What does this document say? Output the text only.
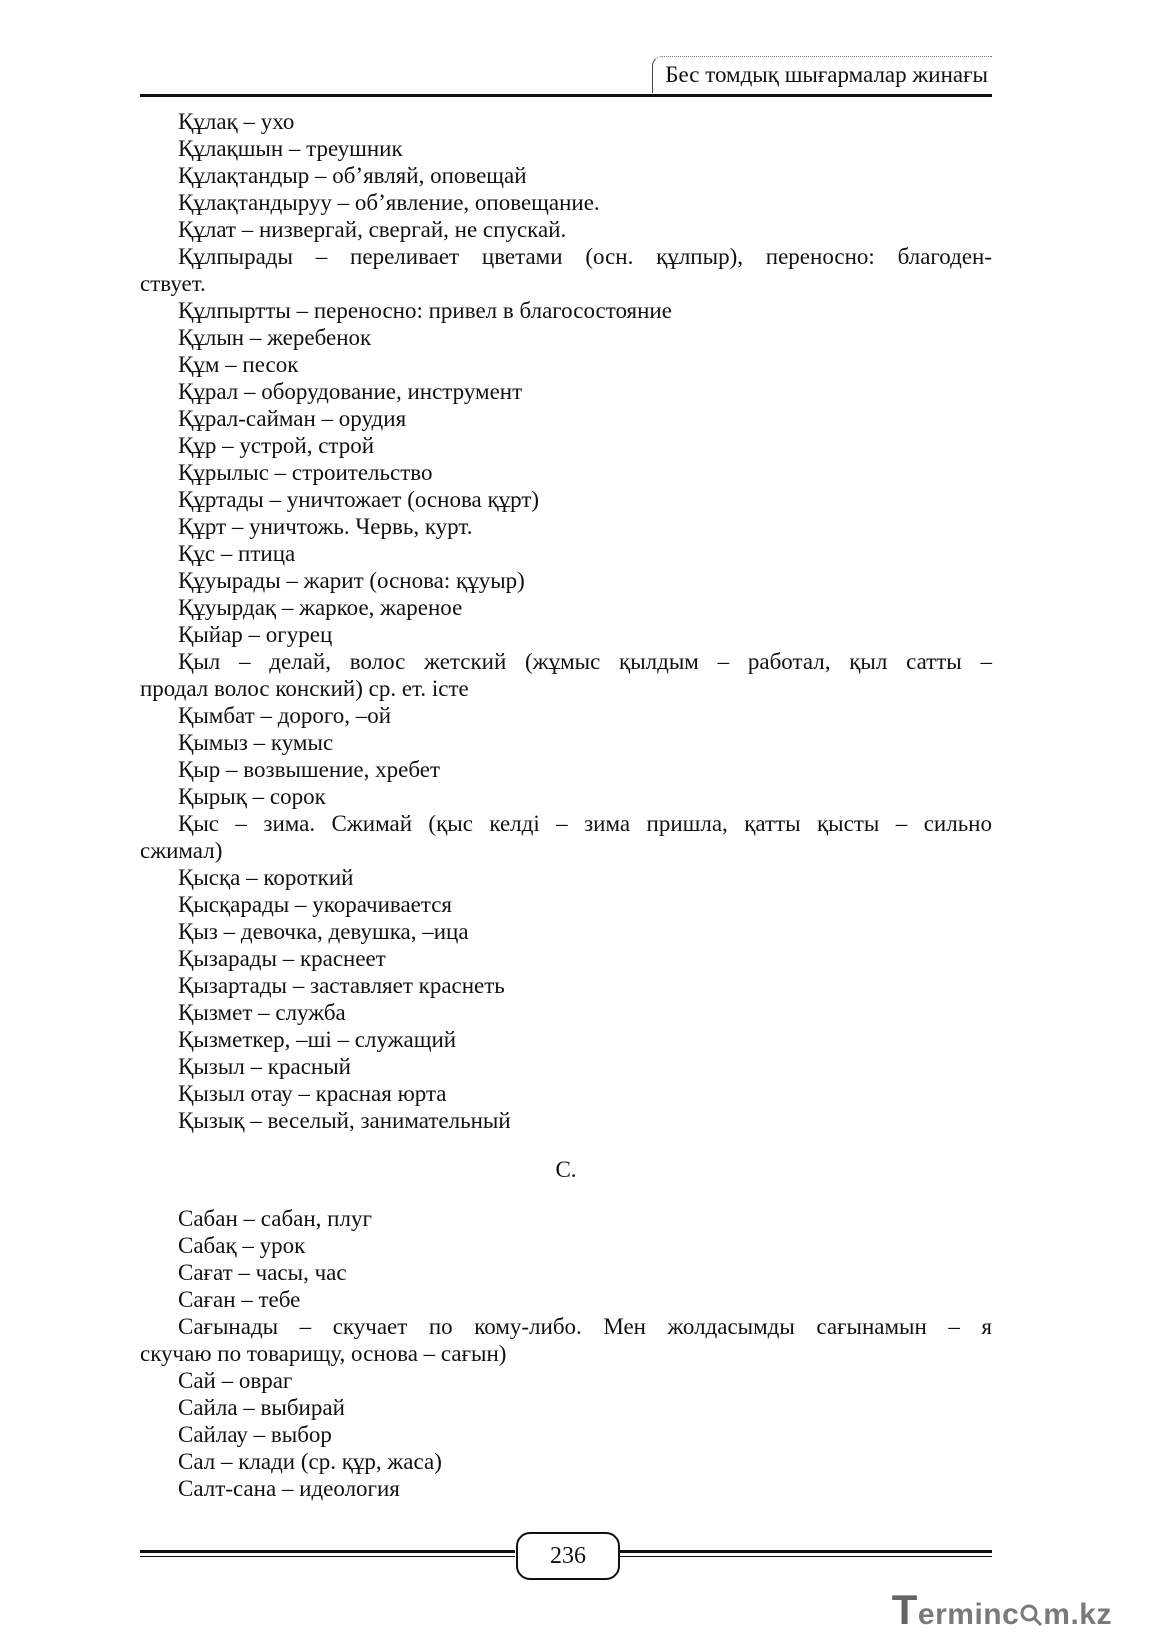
Бес томдық шығармалар жинағы
Құлақ – ухо
Құлақшын – треушник
Құлақтандыр – об’являй, оповещай
Құлақтандыруу – об’явление, оповещание.
Құлат – низвергай, свергай, не спускай.
Құлпырады – переливает цветами (осн. құлпыр), переносно: благоден-
ствует.
Құлпыртты – переносно: привел в благосостояние
Құлын – жеребенок
Құм – песок
Құрал – оборудование, инструмент
Құрал-сайман – орудия
Құр – устрой, строй
Құрылыс – строительство
Құртады – уничтожает (основа құрт)
Құрт – уничтожь. Червь, курт.
Құс – птица
Құуырады – жарит (основа: құуыр)
Құуырдақ – жаркое, жареное
Қыйар – огурец
Қыл – делай, волос жетский (жұмыс қылдым – работал, қыл сатты –
продал волос конский) ср. ет. істе
Қымбат – дорого, –ой
Қымыз – кумыс
Қыр – возвышение, хребет
Қырық – сорок
Қыс – зима. Сжимай (қыс келді – зима пришла, қатты қысты – сильно
сжимал)
Қысқа – короткий
Қысқарады – укорачивается
Қыз – девочка, девушка, –ица
Қызарады – краснеет
Қызартады – заставляет краснеть
Қызмет – служба
Қызметкер, –ші – служащий
Қызыл – красный
Қызыл отау – красная юрта
Қызық – веселый, занимательный
С.
Сабан – сабан, плуг
Сабақ – урок
Сағат – часы, час
Саған – тебе
Сағынады – скучает по кому-либо. Мен жолдасымды сағынамын – я
скучаю по товарищу, основа – сағын)
Сай – овраг
Сайла – выбирай
Сайлау – выбор
Сал – клади (ср. құр, жаса)
Салт-сана – идеология
236
Terminc m.kz
